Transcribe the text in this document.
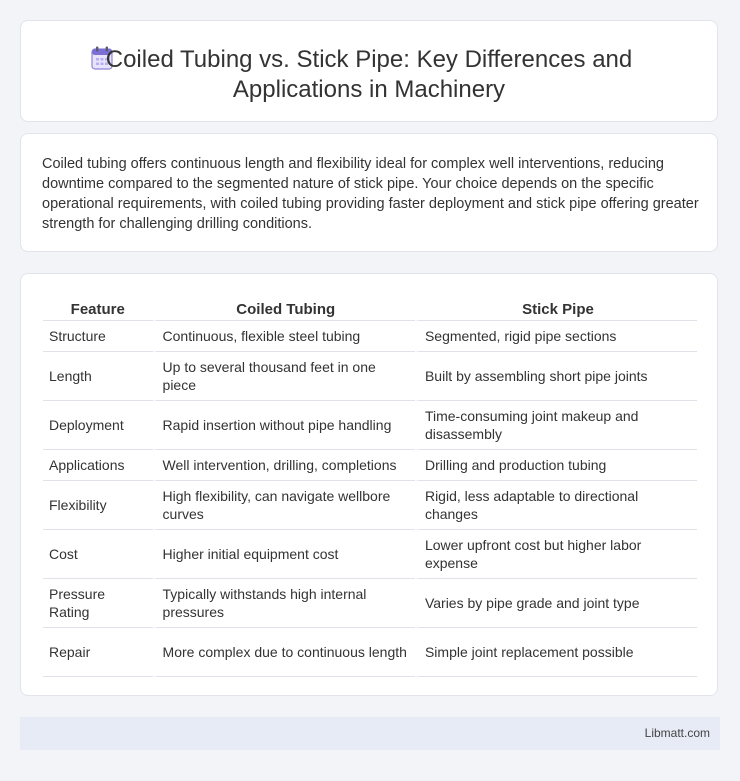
Coiled Tubing vs. Stick Pipe: Key Differences and Applications in Machinery

Coiled tubing offers continuous length and flexibility ideal for complex well interventions, reducing downtime compared to the segmented nature of stick pipe. Your choice depends on the specific operational requirements, with coiled tubing providing faster deployment and stick pipe offering greater strength for challenging drilling conditions.

Feature	Coiled Tubing	Stick Pipe
Structure	Continuous, flexible steel tubing	Segmented, rigid pipe sections
Length	Up to several thousand feet in one piece	Built by assembling short pipe joints
Deployment	Rapid insertion without pipe handling	Time-consuming joint makeup and disassembly
Applications	Well intervention, drilling, completions	Drilling and production tubing
Flexibility	High flexibility, can navigate wellbore curves	Rigid, less adaptable to directional changes
Cost	Higher initial equipment cost	Lower upfront cost but higher labor expense
Pressure Rating	Typically withstands high internal pressures	Varies by pipe grade and joint type
Repair	More complex due to continuous length	Simple joint replacement possible
Libmatt.com
